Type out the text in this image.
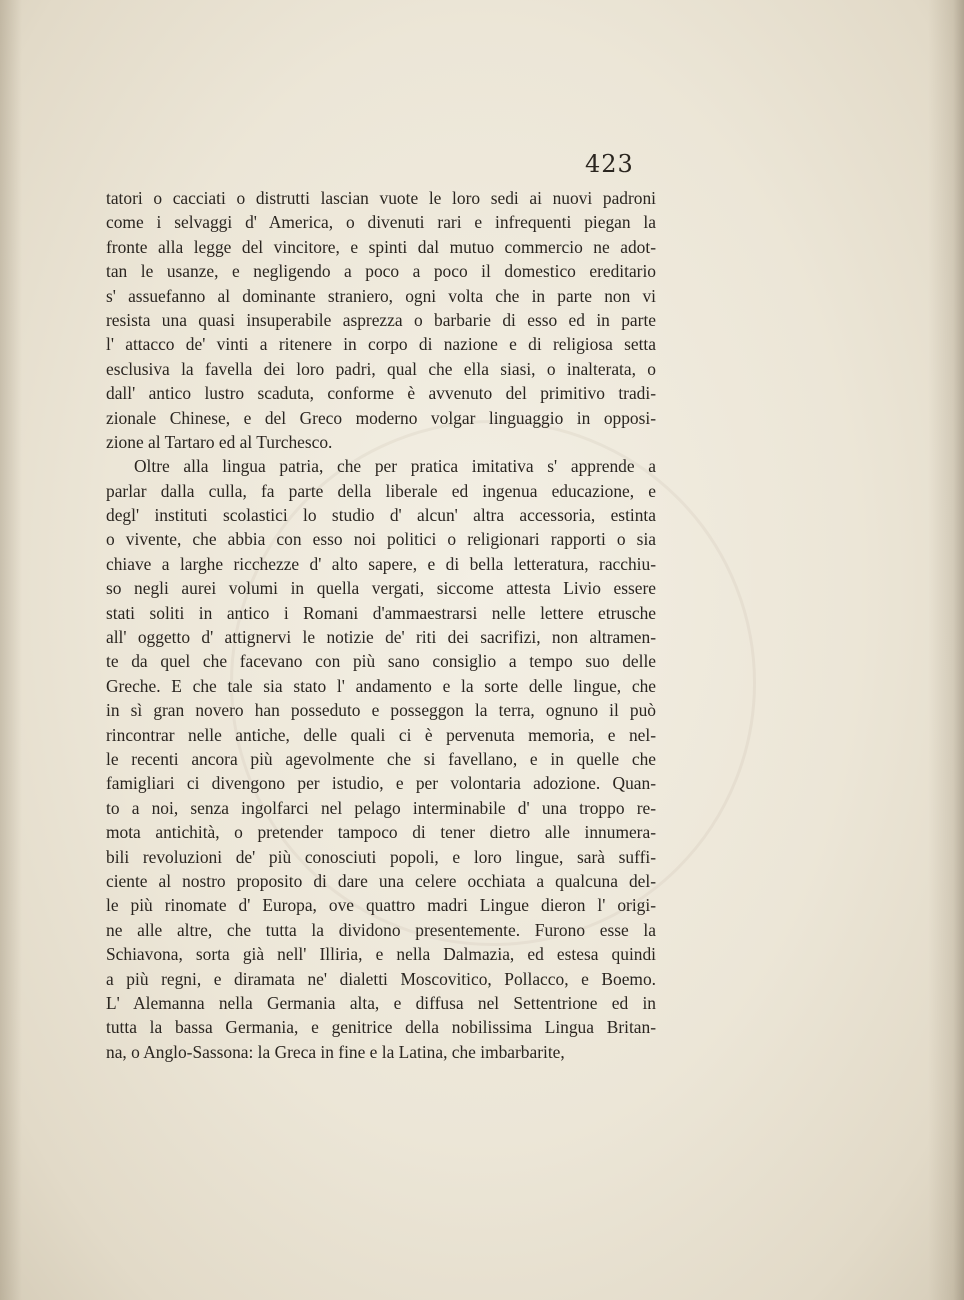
423
tatori o cacciati o distrutti lascian vuote le loro sedi ai nuovi padroni
come i selvaggi d' America, o divenuti rari e infrequenti piegan la
fronte alla legge del vincitore, e spinti dal mutuo commercio ne adot-
tan le usanze, e negligendo a poco a poco il domestico ereditario
s' assuefanno al dominante straniero, ogni volta che in parte non vi
resista una quasi insuperabile asprezza o barbarie di esso ed in parte
l' attacco de' vinti a ritenere in corpo di nazione e di religiosa setta
esclusiva la favella dei loro padri, qual che ella siasi, o inalterata, o
dall' antico lustro scaduta, conforme è avvenuto del primitivo tradi-
zionale Chinese, e del Greco moderno volgar linguaggio in opposi-
zione al Tartaro ed al Turchesco.
Oltre alla lingua patria, che per pratica imitativa s' apprende a
parlar dalla culla, fa parte della liberale ed ingenua educazione, e
degl' instituti scolastici lo studio d' alcun' altra accessoria, estinta
o vivente, che abbia con esso noi politici o religionari rapporti o sia
chiave a larghe ricchezze d' alto sapere, e di bella letteratura, racchiu-
so negli aurei volumi in quella vergati, siccome attesta Livio essere
stati soliti in antico i Romani d'ammaestrarsi nelle lettere etrusche
all' oggetto d' attignervi le notizie de' riti dei sacrifizi, non altramen-
te da quel che facevano con più sano consiglio a tempo suo delle
Greche. E che tale sia stato l' andamento e la sorte delle lingue, che
in sì gran novero han posseduto e posseggon la terra, ognuno il può
rincontrar nelle antiche, delle quali ci è pervenuta memoria, e nel-
le recenti ancora più agevolmente che si favellano, e in quelle che
famigliari ci divengono per istudio, e per volontaria adozione. Quan-
to a noi, senza ingolfarci nel pelago interminabile d' una troppo re-
mota antichità, o pretender tampoco di tener dietro alle innumera-
bili revoluzioni de' più conosciuti popoli, e loro lingue, sarà suffi-
ciente al nostro proposito di dare una celere occhiata a qualcuna del-
le più rinomate d' Europa, ove quattro madri Lingue dieron l' origi-
ne alle altre, che tutta la dividono presentemente. Furono esse la
Schiavona, sorta già nell' Illiria, e nella Dalmazia, ed estesa quindi
a più regni, e diramata ne' dialetti Moscovitico, Pollacco, e Boemo.
L' Alemanna nella Germania alta, e diffusa nel Settentrione ed in
tutta la bassa Germania, e genitrice della nobilissima Lingua Britan-
na, o Anglo-Sassona: la Greca in fine e la Latina, che imbarbarite,
